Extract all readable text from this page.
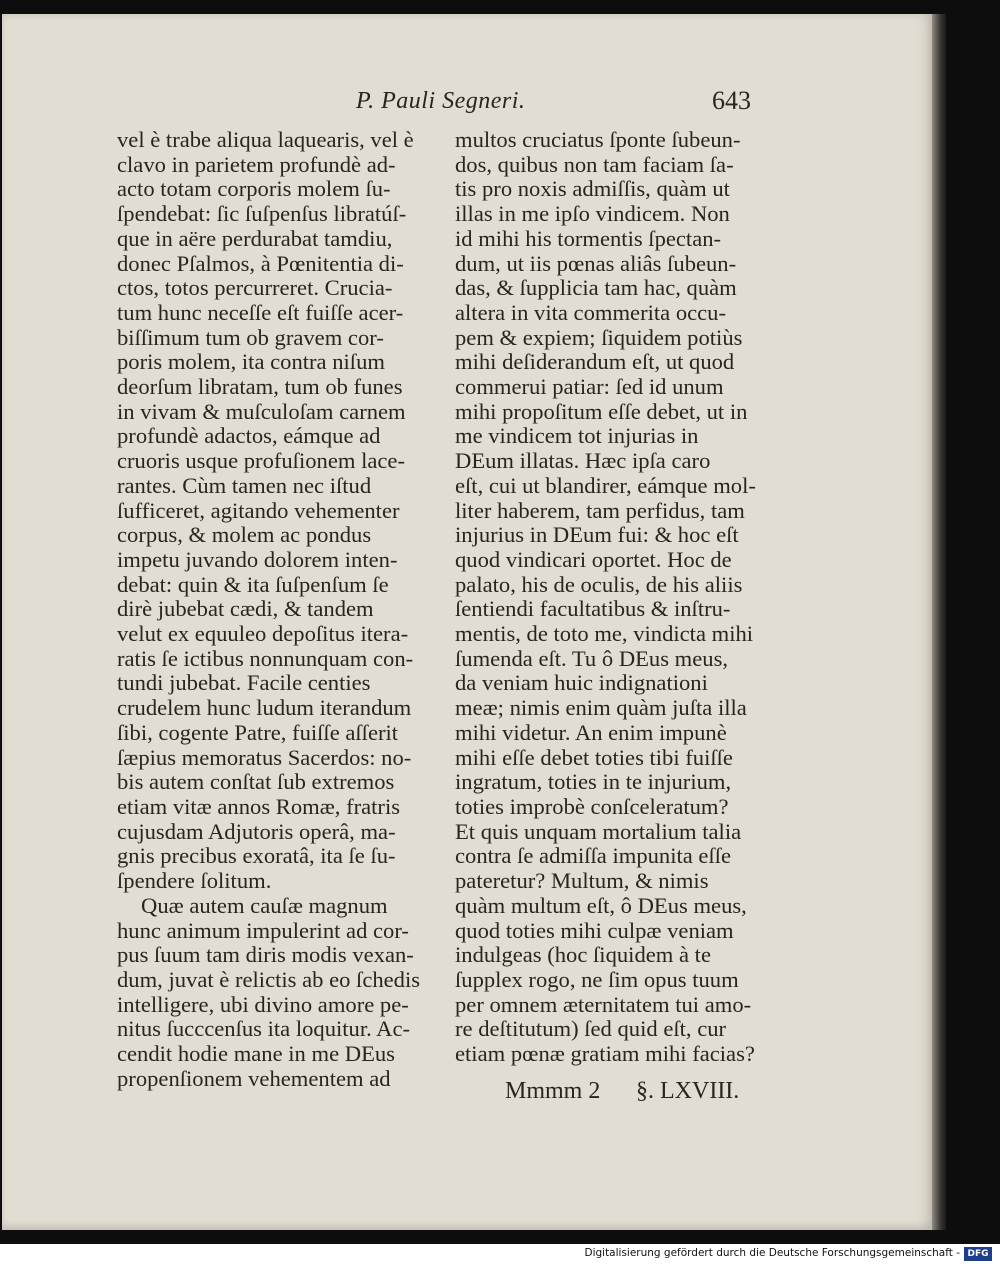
P. Pauli Segneri.	643
vel è trabe aliqua laquearis, vel è
clavo in parietem profundè ad-
acto totam corporis molem ſu-
ſpendebat: ſic ſuſpenſus libratúſ-
que in aëre perdurabat tamdiu,
donec Pſalmos, à Pœnitentia di-
ctos, totos percurreret. Crucia-
tum hunc neceſſe eſt fuiſſe acer-
biſſimum tum ob gravem cor-
poris molem, ita contra niſum
deorſum libratam, tum ob funes
in vivam & muſculoſam carnem
profundè adactos, eámque ad
cruoris usque profuſionem lace-
rantes. Cùm tamen nec iſtud
ſufficeret, agitando vehementer
corpus, & molem ac pondus
impetu juvando dolorem inten-
debat: quin & ita ſuſpenſum ſe
dirè jubebat cædi, & tandem
velut ex equuleo depoſitus itera-
ratis ſe ictibus nonnunquam con-
tundi jubebat. Facile centies
crudelem hunc ludum iterandum
ſibi, cogente Patre, fuiſſe aſſerit
ſæpius memoratus Sacerdos: no-
bis autem conſtat ſub extremos
etiam vitæ annos Romæ, fratris
cujusdam Adjutoris operâ, ma-
gnis precibus exoratâ, ita ſe ſu-
ſpendere ſolitum.
Quæ autem cauſæ magnum
hunc animum impulerint ad cor-
pus ſuum tam diris modis vexan-
dum, juvat è relictis ab eo ſchedis
intelligere, ubi divino amore pe-
nitus ſucccenſus ita loquitur. Ac-
cendit hodie mane in me DEus
propenſionem vehementem ad
multos cruciatus ſponte ſubeun-
dos, quibus non tam faciam ſa-
tis pro noxis admiſſis, quàm ut
illas in me ipſo vindicem. Non
id mihi his tormentis ſpectan-
dum, ut iis pœnas aliâs ſubeun-
das, & ſupplicia tam hac, quàm
altera in vita commerita occu-
pem & expiem; ſiquidem potiùs
mihi deſiderandum eſt, ut quod
commerui patiar: ſed id unum
mihi propoſitum eſſe debet, ut in
me vindicem tot injurias in
DEum illatas. Hæc ipſa caro
eſt, cui ut blandirer, eámque mol-
liter haberem, tam perfidus, tam
injurius in DEum fui: & hoc eſt
quod vindicari oportet. Hoc de
palato, his de oculis, de his aliis
ſentiendi facultatibus & inſtru-
mentis, de toto me, vindicta mihi
ſumenda eſt. Tu ô DEus meus,
da veniam huic indignationi
meæ; nimis enim quàm juſta illa
mihi videtur. An enim impunè
mihi eſſe debet toties tibi fuiſſe
ingratum, toties in te injurium,
toties improbè conſceleratum?
Et quis unquam mortalium talia
contra ſe admiſſa impunita eſſe
pateretur? Multum, & nimis
quàm multum eſt, ô DEus meus,
quod toties mihi culpæ veniam
indulgeas (hoc ſiquidem à te
ſupplex rogo, ne ſim opus tuum
per omnem æternitatem tui amo-
re deſtitutum) ſed quid eſt, cur
etiam pœnæ gratiam mihi facias?
Mmmm 2 §. LXVIII.
Digitalisierung gefördert durch die Deutsche Forschungsgemeinschaft - DFG
